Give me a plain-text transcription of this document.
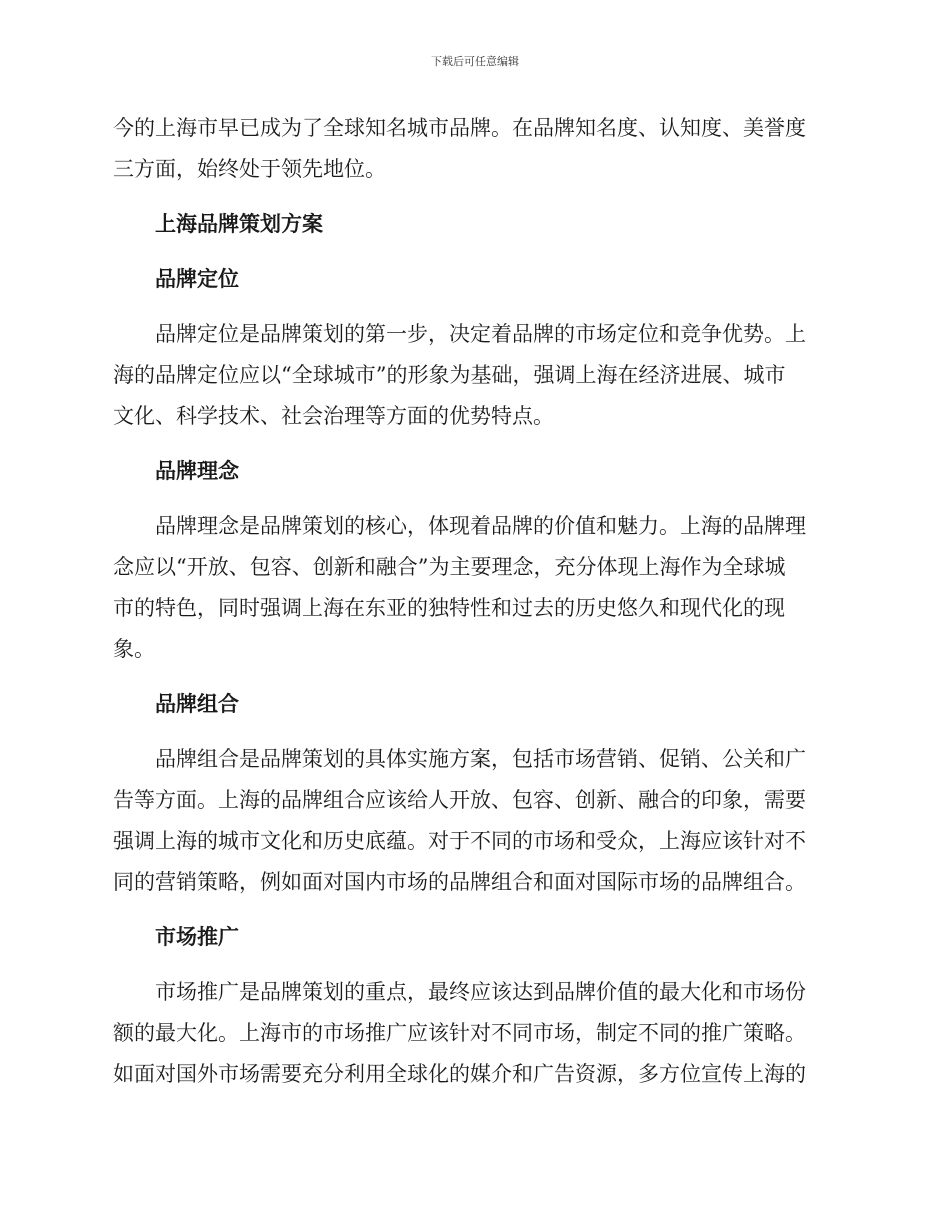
下载后可任意编辑

今的上海市早已成为了全球知名城市品牌。在品牌知名度、认知度、美誉度
三方面，始终处于领先地位。

上海品牌策划方案
品牌定位

品牌定位是品牌策划的第一步，决定着品牌的市场定位和竞争优势。上
海的品牌定位应以“全球城市”的形象为基础，强调上海在经济进展、城市
文化、科学技术、社会治理等方面的优势特点。

品牌理念

品牌理念是品牌策划的核心，体现着品牌的价值和魅力。上海的品牌理
念应以“开放、包容、创新和融合”为主要理念，充分体现上海作为全球城
市的特色，同时强调上海在东亚的独特性和过去的历史悠久和现代化的现
象。

品牌组合

品牌组合是品牌策划的具体实施方案，包括市场营销、促销、公关和广
告等方面。上海的品牌组合应该给人开放、包容、创新、融合的印象，需要
强调上海的城市文化和历史底蕴。对于不同的市场和受众，上海应该针对不
同的营销策略，例如面对国内市场的品牌组合和面对国际市场的品牌组合。

市场推广

市场推广是品牌策划的重点，最终应该达到品牌价值的最大化和市场份
额的最大化。上海市的市场推广应该针对不同市场，制定不同的推广策略。
如面对国外市场需要充分利用全球化的媒介和广告资源，多方位宣传上海的
